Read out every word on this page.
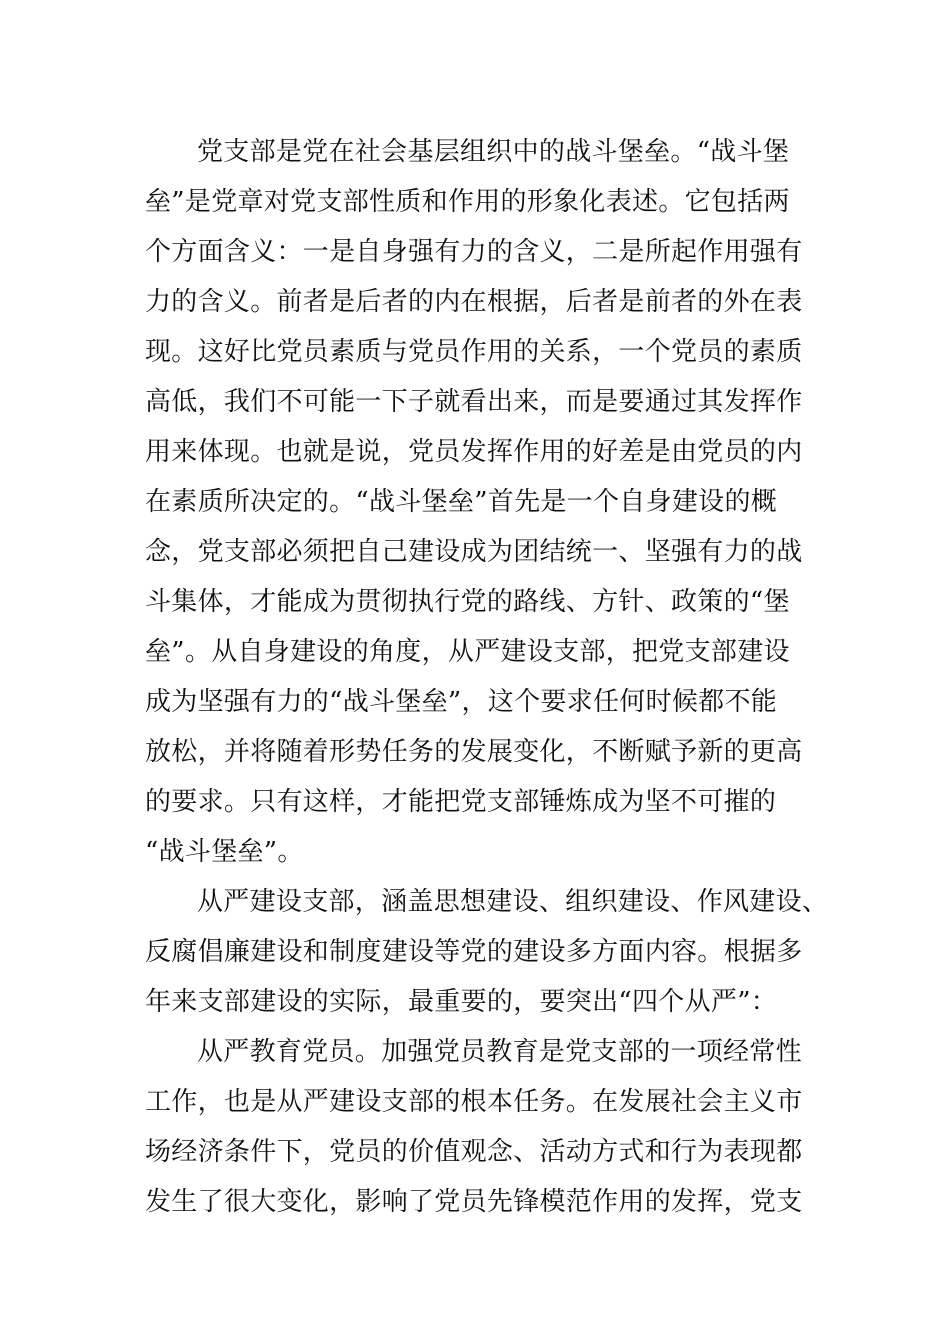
党支部是党在社会基层组织中的战斗堡垒。“战斗堡
垒”是党章对党支部性质和作用的形象化表述。它包括两
个方面含义：一是自身强有力的含义，二是所起作用强有
力的含义。前者是后者的内在根据，后者是前者的外在表
现。这好比党员素质与党员作用的关系，一个党员的素质
高低，我们不可能一下子就看出来，而是要通过其发挥作
用来体现。也就是说，党员发挥作用的好差是由党员的内
在素质所决定的。“战斗堡垒”首先是一个自身建设的概
念，党支部必须把自己建设成为团结统一、坚强有力的战
斗集体，才能成为贯彻执行党的路线、方针、政策的“堡
垒”。从自身建设的角度，从严建设支部，把党支部建设
成为坚强有力的“战斗堡垒”，这个要求任何时候都不能
放松，并将随着形势任务的发展变化，不断赋予新的更高
的要求。只有这样，才能把党支部锤炼成为坚不可摧的
“战斗堡垒”。
从严建设支部，涵盖思想建设、组织建设、作风建设、
反腐倡廉建设和制度建设等党的建设多方面内容。根据多
年来支部建设的实际，最重要的，要突出“四个从严”：
从严教育党员。加强党员教育是党支部的一项经常性
工作，也是从严建设支部的根本任务。在发展社会主义市
场经济条件下，党员的价值观念、活动方式和行为表现都
发生了很大变化，影响了党员先锋模范作用的发挥，党支
